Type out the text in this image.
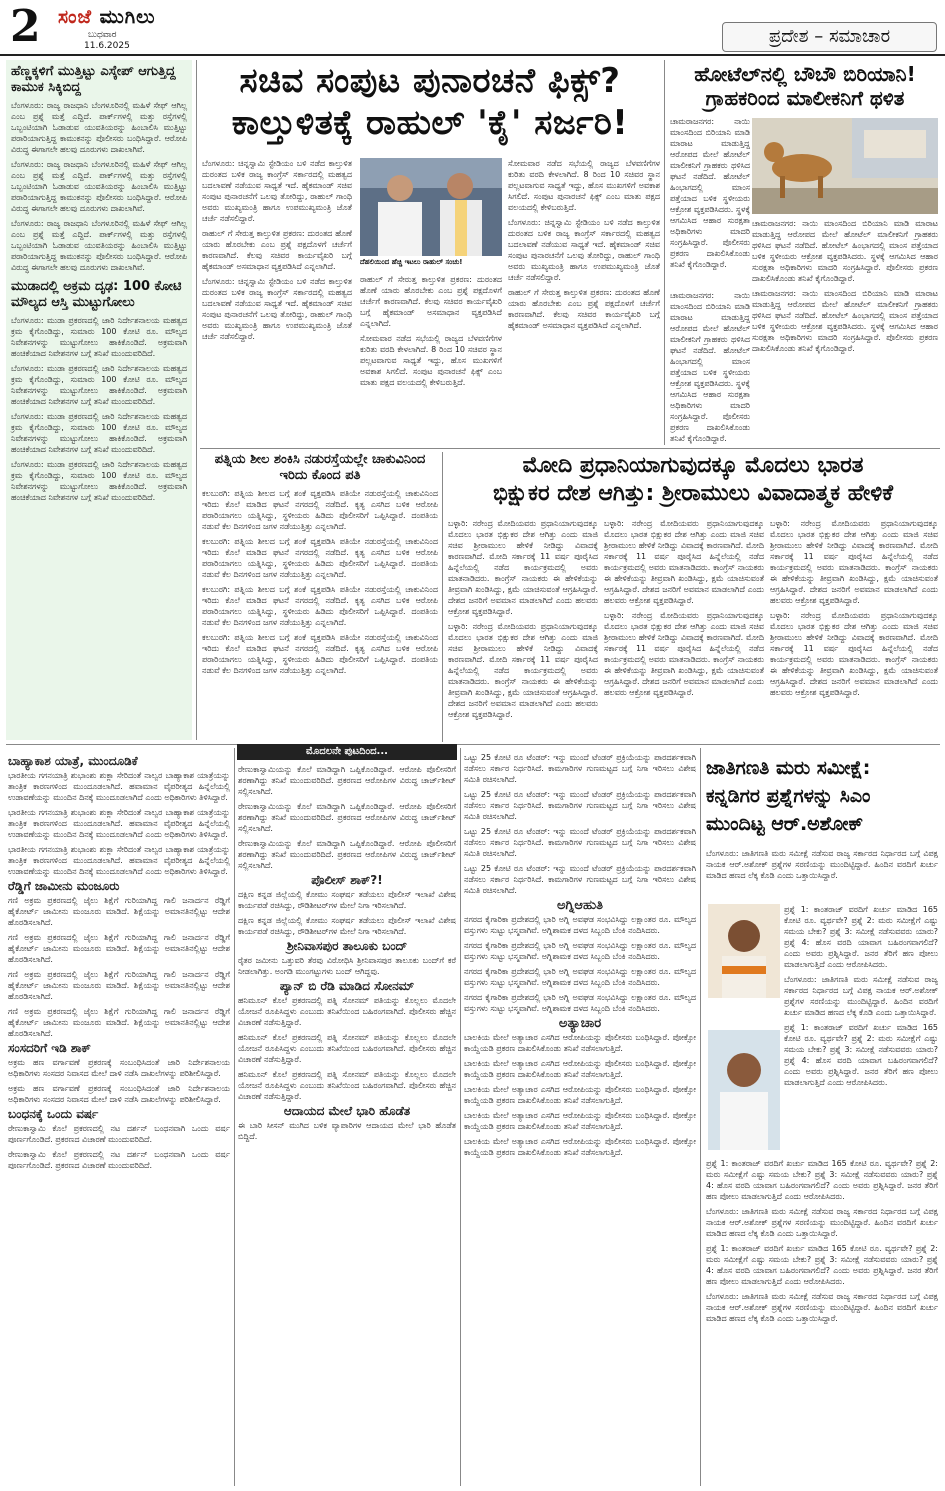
2 ಸಂಜೆ ಮುಗಿಲು
ಬುಧವಾರ
11.6.2025	ಪ್ರದೇಶ – ಸಮಾಚಾರ
ಹೆಣ್ಣಕ್ಕಳಿಗೆ ಮುತ್ತಿಟ್ಟು ಎಸ್ಕೇಪ್ ಆಗುತ್ತಿದ್ದ ಕಾಮುಕ ಸಿಕ್ಕಿಬಿದ್ದ

ಬೆಂಗಳೂರು: ರಾಜ್ಯ ರಾಜಧಾನಿ ಬೆಂಗಳೂರಿನಲ್ಲಿ ಮಹಿಳೆ ಸೇಫ್ ಆಗಿಲ್ಲ ಎಂಬ ಪ್ರಶ್ನೆ ಮತ್ತೆ ಎದ್ದಿದೆ. ಪಾರ್ಕ್‌ಗಳಲ್ಲಿ ಮತ್ತು ರಸ್ತೆಗಳಲ್ಲಿ ಒಬ್ಬಂಟಿಯಾಗಿ ಓಡಾಡುವ ಯುವತಿಯರನ್ನು ಹಿಂಬಾಲಿಸಿ ಮುತ್ತಿಟ್ಟು ಪರಾರಿಯಾಗುತ್ತಿದ್ದ ಕಾಮುಕನನ್ನು ಪೊಲೀಸರು ಬಂಧಿಸಿದ್ದಾರೆ. ಆರೋಪಿ ವಿರುದ್ಧ ಈಗಾಗಲೇ ಹಲವು ದೂರುಗಳು ದಾಖಲಾಗಿವೆ.

ಬೆಂಗಳೂರು: ರಾಜ್ಯ ರಾಜಧಾನಿ ಬೆಂಗಳೂರಿನಲ್ಲಿ ಮಹಿಳೆ ಸೇಫ್ ಆಗಿಲ್ಲ ಎಂಬ ಪ್ರಶ್ನೆ ಮತ್ತೆ ಎದ್ದಿದೆ. ಪಾರ್ಕ್‌ಗಳಲ್ಲಿ ಮತ್ತು ರಸ್ತೆಗಳಲ್ಲಿ ಒಬ್ಬಂಟಿಯಾಗಿ ಓಡಾಡುವ ಯುವತಿಯರನ್ನು ಹಿಂಬಾಲಿಸಿ ಮುತ್ತಿಟ್ಟು ಪರಾರಿಯಾಗುತ್ತಿದ್ದ ಕಾಮುಕನನ್ನು ಪೊಲೀಸರು ಬಂಧಿಸಿದ್ದಾರೆ. ಆರೋಪಿ ವಿರುದ್ಧ ಈಗಾಗಲೇ ಹಲವು ದೂರುಗಳು ದಾಖಲಾಗಿವೆ.

ಬೆಂಗಳೂರು: ರಾಜ್ಯ ರಾಜಧಾನಿ ಬೆಂಗಳೂರಿನಲ್ಲಿ ಮಹಿಳೆ ಸೇಫ್ ಆಗಿಲ್ಲ ಎಂಬ ಪ್ರಶ್ನೆ ಮತ್ತೆ ಎದ್ದಿದೆ. ಪಾರ್ಕ್‌ಗಳಲ್ಲಿ ಮತ್ತು ರಸ್ತೆಗಳಲ್ಲಿ ಒಬ್ಬಂಟಿಯಾಗಿ ಓಡಾಡುವ ಯುವತಿಯರನ್ನು ಹಿಂಬಾಲಿಸಿ ಮುತ್ತಿಟ್ಟು ಪರಾರಿಯಾಗುತ್ತಿದ್ದ ಕಾಮುಕನನ್ನು ಪೊಲೀಸರು ಬಂಧಿಸಿದ್ದಾರೆ. ಆರೋಪಿ ವಿರುದ್ಧ ಈಗಾಗಲೇ ಹಲವು ದೂರುಗಳು ದಾಖಲಾಗಿವೆ.

ಮುಡಾದಲ್ಲಿ ಅಕ್ರಮ ದೃಢ: 100 ಕೋಟಿ ಮೌಲ್ಯದ ಆಸ್ತಿ ಮುಟ್ಟುಗೋಲು

ಬೆಂಗಳೂರು: ಮುಡಾ ಪ್ರಕರಣದಲ್ಲಿ ಜಾರಿ ನಿರ್ದೇಶನಾಲಯ ಮಹತ್ವದ ಕ್ರಮ ಕೈಗೊಂಡಿದ್ದು, ಸುಮಾರು 100 ಕೋಟಿ ರೂ. ಮೌಲ್ಯದ ನಿವೇಶನಗಳನ್ನು ಮುಟ್ಟುಗೋಲು ಹಾಕಿಕೊಂಡಿದೆ. ಅಕ್ರಮವಾಗಿ ಹಂಚಿಕೆಯಾದ ನಿವೇಶನಗಳ ಬಗ್ಗೆ ತನಿಖೆ ಮುಂದುವರಿದಿದೆ.

ಬೆಂಗಳೂರು: ಮುಡಾ ಪ್ರಕರಣದಲ್ಲಿ ಜಾರಿ ನಿರ್ದೇಶನಾಲಯ ಮಹತ್ವದ ಕ್ರಮ ಕೈಗೊಂಡಿದ್ದು, ಸುಮಾರು 100 ಕೋಟಿ ರೂ. ಮೌಲ್ಯದ ನಿವೇಶನಗಳನ್ನು ಮುಟ್ಟುಗೋಲು ಹಾಕಿಕೊಂಡಿದೆ. ಅಕ್ರಮವಾಗಿ ಹಂಚಿಕೆಯಾದ ನಿವೇಶನಗಳ ಬಗ್ಗೆ ತನಿಖೆ ಮುಂದುವರಿದಿದೆ.

ಬೆಂಗಳೂರು: ಮುಡಾ ಪ್ರಕರಣದಲ್ಲಿ ಜಾರಿ ನಿರ್ದೇಶನಾಲಯ ಮಹತ್ವದ ಕ್ರಮ ಕೈಗೊಂಡಿದ್ದು, ಸುಮಾರು 100 ಕೋಟಿ ರೂ. ಮೌಲ್ಯದ ನಿವೇಶನಗಳನ್ನು ಮುಟ್ಟುಗೋಲು ಹಾಕಿಕೊಂಡಿದೆ. ಅಕ್ರಮವಾಗಿ ಹಂಚಿಕೆಯಾದ ನಿವೇಶನಗಳ ಬಗ್ಗೆ ತನಿಖೆ ಮುಂದುವರಿದಿದೆ.

ಬೆಂಗಳೂರು: ಮುಡಾ ಪ್ರಕರಣದಲ್ಲಿ ಜಾರಿ ನಿರ್ದೇಶನಾಲಯ ಮಹತ್ವದ ಕ್ರಮ ಕೈಗೊಂಡಿದ್ದು, ಸುಮಾರು 100 ಕೋಟಿ ರೂ. ಮೌಲ್ಯದ ನಿವೇಶನಗಳನ್ನು ಮುಟ್ಟುಗೋಲು ಹಾಕಿಕೊಂಡಿದೆ. ಅಕ್ರಮವಾಗಿ ಹಂಚಿಕೆಯಾದ ನಿವೇಶನಗಳ ಬಗ್ಗೆ ತನಿಖೆ ಮುಂದುವರಿದಿದೆ.

ಸಚಿವ ಸಂಪುಟ ಪುನಾರಚನೆ ಫಿಕ್ಸ್?
ಕಾಲ್ತುಳಿತಕ್ಕೆ ರಾಹುಲ್ 'ಕೈ' ಸರ್ಜರಿ!

ಬೆಂಗಳೂರು: ಚಿನ್ನಸ್ವಾಮಿ ಸ್ಟೇಡಿಯಂ ಬಳಿ ನಡೆದ ಕಾಲ್ತುಳಿತ ದುರಂತದ ಬಳಿಕ ರಾಜ್ಯ ಕಾಂಗ್ರೆಸ್ ಸರ್ಕಾರದಲ್ಲಿ ಮಹತ್ವದ ಬದಲಾವಣೆ ನಡೆಯುವ ಸಾಧ್ಯತೆ ಇದೆ. ಹೈಕಮಾಂಡ್ ಸಚಿವ ಸಂಪುಟ ಪುನಾರಚನೆಗೆ ಒಲವು ತೋರಿದ್ದು, ರಾಹುಲ್ ಗಾಂಧಿ ಅವರು ಮುಖ್ಯಮಂತ್ರಿ ಹಾಗೂ ಉಪಮುಖ್ಯಮಂತ್ರಿ ಜೊತೆ ಚರ್ಚೆ ನಡೆಸಲಿದ್ದಾರೆ.

ರಾಹುಲ್ ಗೆ ಸೇರುತ್ತ ಕಾಲ್ತುಳಿತ ಪ್ರಕರಣ: ದುರಂತದ ಹೊಣೆ ಯಾರು ಹೊರಬೇಕು ಎಂಬ ಪ್ರಶ್ನೆ ಪಕ್ಷದೊಳಗೆ ಚರ್ಚೆಗೆ ಕಾರಣವಾಗಿದೆ. ಕೆಲವು ಸಚಿವರ ಕಾರ್ಯವೈಖರಿ ಬಗ್ಗೆ ಹೈಕಮಾಂಡ್ ಅಸಮಾಧಾನ ವ್ಯಕ್ತಪಡಿಸಿದೆ ಎನ್ನಲಾಗಿದೆ.

ಬೆಂಗಳೂರು: ಚಿನ್ನಸ್ವಾಮಿ ಸ್ಟೇಡಿಯಂ ಬಳಿ ನಡೆದ ಕಾಲ್ತುಳಿತ ದುರಂತದ ಬಳಿಕ ರಾಜ್ಯ ಕಾಂಗ್ರೆಸ್ ಸರ್ಕಾರದಲ್ಲಿ ಮಹತ್ವದ ಬದಲಾವಣೆ ನಡೆಯುವ ಸಾಧ್ಯತೆ ಇದೆ. ಹೈಕಮಾಂಡ್ ಸಚಿವ ಸಂಪುಟ ಪುನಾರಚನೆಗೆ ಒಲವು ತೋರಿದ್ದು, ರಾಹುಲ್ ಗಾಂಧಿ ಅವರು ಮುಖ್ಯಮಂತ್ರಿ ಹಾಗೂ ಉಪಮುಖ್ಯಮಂತ್ರಿ ಜೊತೆ ಚರ್ಚೆ ನಡೆಸಲಿದ್ದಾರೆ.

ದೆಹಲಿಯಿಂದ ಹೆಚ್ಚಿ ಇಟಲು ರಾಹುಲ್ ಸಂಚು!

ರಾಹುಲ್ ಗೆ ಸೇರುತ್ತ ಕಾಲ್ತುಳಿತ ಪ್ರಕರಣ: ದುರಂತದ ಹೊಣೆ ಯಾರು ಹೊರಬೇಕು ಎಂಬ ಪ್ರಶ್ನೆ ಪಕ್ಷದೊಳಗೆ ಚರ್ಚೆಗೆ ಕಾರಣವಾಗಿದೆ. ಕೆಲವು ಸಚಿವರ ಕಾರ್ಯವೈಖರಿ ಬಗ್ಗೆ ಹೈಕಮಾಂಡ್ ಅಸಮಾಧಾನ ವ್ಯಕ್ತಪಡಿಸಿದೆ ಎನ್ನಲಾಗಿದೆ.

ಸೋಮವಾರ ನಡೆದ ಸಭೆಯಲ್ಲಿ ರಾಜ್ಯದ ಬೆಳವಣಿಗೆಗಳ ಕುರಿತು ವರದಿ ಕೇಳಲಾಗಿದೆ. 8 ರಿಂದ 10 ಸಚಿವರ ಸ್ಥಾನ ಪಲ್ಲಟವಾಗುವ ಸಾಧ್ಯತೆ ಇದ್ದು, ಹೊಸ ಮುಖಗಳಿಗೆ ಅವಕಾಶ ಸಿಗಲಿದೆ. ಸಂಪುಟ ಪುನಾರಚನೆ ಫಿಕ್ಸ್ ಎಂಬ ಮಾತು ಪಕ್ಷದ ವಲಯದಲ್ಲಿ ಕೇಳಿಬರುತ್ತಿದೆ.

ಸೋಮವಾರ ನಡೆದ ಸಭೆಯಲ್ಲಿ ರಾಜ್ಯದ ಬೆಳವಣಿಗೆಗಳ ಕುರಿತು ವರದಿ ಕೇಳಲಾಗಿದೆ. 8 ರಿಂದ 10 ಸಚಿವರ ಸ್ಥಾನ ಪಲ್ಲಟವಾಗುವ ಸಾಧ್ಯತೆ ಇದ್ದು, ಹೊಸ ಮುಖಗಳಿಗೆ ಅವಕಾಶ ಸಿಗಲಿದೆ. ಸಂಪುಟ ಪುನಾರಚನೆ ಫಿಕ್ಸ್ ಎಂಬ ಮಾತು ಪಕ್ಷದ ವಲಯದಲ್ಲಿ ಕೇಳಿಬರುತ್ತಿದೆ.

ಬೆಂಗಳೂರು: ಚಿನ್ನಸ್ವಾಮಿ ಸ್ಟೇಡಿಯಂ ಬಳಿ ನಡೆದ ಕಾಲ್ತುಳಿತ ದುರಂತದ ಬಳಿಕ ರಾಜ್ಯ ಕಾಂಗ್ರೆಸ್ ಸರ್ಕಾರದಲ್ಲಿ ಮಹತ್ವದ ಬದಲಾವಣೆ ನಡೆಯುವ ಸಾಧ್ಯತೆ ಇದೆ. ಹೈಕಮಾಂಡ್ ಸಚಿವ ಸಂಪುಟ ಪುನಾರಚನೆಗೆ ಒಲವು ತೋರಿದ್ದು, ರಾಹುಲ್ ಗಾಂಧಿ ಅವರು ಮುಖ್ಯಮಂತ್ರಿ ಹಾಗೂ ಉಪಮುಖ್ಯಮಂತ್ರಿ ಜೊತೆ ಚರ್ಚೆ ನಡೆಸಲಿದ್ದಾರೆ.

ರಾಹುಲ್ ಗೆ ಸೇರುತ್ತ ಕಾಲ್ತುಳಿತ ಪ್ರಕರಣ: ದುರಂತದ ಹೊಣೆ ಯಾರು ಹೊರಬೇಕು ಎಂಬ ಪ್ರಶ್ನೆ ಪಕ್ಷದೊಳಗೆ ಚರ್ಚೆಗೆ ಕಾರಣವಾಗಿದೆ. ಕೆಲವು ಸಚಿವರ ಕಾರ್ಯವೈಖರಿ ಬಗ್ಗೆ ಹೈಕಮಾಂಡ್ ಅಸಮಾಧಾನ ವ್ಯಕ್ತಪಡಿಸಿದೆ ಎನ್ನಲಾಗಿದೆ.

ಹೋಟೆಲ್‌ನಲ್ಲಿ ಬೌಬೌ ಬಿರಿಯಾನಿ!
ಗ್ರಾಹಕರಿಂದ ಮಾಲೀಕನಿಗೆ ಥಳಿತ

ಚಾಮರಾಜನಗರ: ನಾಯಿ ಮಾಂಸದಿಂದ ಬಿರಿಯಾನಿ ಮಾಡಿ ಮಾರಾಟ ಮಾಡುತ್ತಿದ್ದ ಆರೋಪದ ಮೇಲೆ ಹೋಟೆಲ್ ಮಾಲೀಕನಿಗೆ ಗ್ರಾಹಕರು ಥಳಿಸಿದ ಘಟನೆ ನಡೆದಿದೆ. ಹೋಟೆಲ್ ಹಿಂಭಾಗದಲ್ಲಿ ಮಾಂಸ ಪತ್ತೆಯಾದ ಬಳಿಕ ಸ್ಥಳೀಯರು ಆಕ್ರೋಶ ವ್ಯಕ್ತಪಡಿಸಿದರು. ಸ್ಥಳಕ್ಕೆ ಆಗಮಿಸಿದ ಆಹಾರ ಸುರಕ್ಷತಾ ಅಧಿಕಾರಿಗಳು ಮಾದರಿ ಸಂಗ್ರಹಿಸಿದ್ದಾರೆ. ಪೊಲೀಸರು ಪ್ರಕರಣ ದಾಖಲಿಸಿಕೊಂಡು ತನಿಖೆ ಕೈಗೊಂಡಿದ್ದಾರೆ.

ಚಾಮರಾಜನಗರ: ನಾಯಿ ಮಾಂಸದಿಂದ ಬಿರಿಯಾನಿ ಮಾಡಿ ಮಾರಾಟ ಮಾಡುತ್ತಿದ್ದ ಆರೋಪದ ಮೇಲೆ ಹೋಟೆಲ್ ಮಾಲೀಕನಿಗೆ ಗ್ರಾಹಕರು ಥಳಿಸಿದ ಘಟನೆ ನಡೆದಿದೆ. ಹೋಟೆಲ್ ಹಿಂಭಾಗದಲ್ಲಿ ಮಾಂಸ ಪತ್ತೆಯಾದ ಬಳಿಕ ಸ್ಥಳೀಯರು ಆಕ್ರೋಶ ವ್ಯಕ್ತಪಡಿಸಿದರು. ಸ್ಥಳಕ್ಕೆ ಆಗಮಿಸಿದ ಆಹಾರ ಸುರಕ್ಷತಾ ಅಧಿಕಾರಿಗಳು ಮಾದರಿ ಸಂಗ್ರಹಿಸಿದ್ದಾರೆ. ಪೊಲೀಸರು ಪ್ರಕರಣ ದಾಖಲಿಸಿಕೊಂಡು ತನಿಖೆ ಕೈಗೊಂಡಿದ್ದಾರೆ.

ಚಾಮರಾಜನಗರ: ನಾಯಿ ಮಾಂಸದಿಂದ ಬಿರಿಯಾನಿ ಮಾಡಿ ಮಾರಾಟ ಮಾಡುತ್ತಿದ್ದ ಆರೋಪದ ಮೇಲೆ ಹೋಟೆಲ್ ಮಾಲೀಕನಿಗೆ ಗ್ರಾಹಕರು ಥಳಿಸಿದ ಘಟನೆ ನಡೆದಿದೆ. ಹೋಟೆಲ್ ಹಿಂಭಾಗದಲ್ಲಿ ಮಾಂಸ ಪತ್ತೆಯಾದ ಬಳಿಕ ಸ್ಥಳೀಯರು ಆಕ್ರೋಶ ವ್ಯಕ್ತಪಡಿಸಿದರು. ಸ್ಥಳಕ್ಕೆ ಆಗಮಿಸಿದ ಆಹಾರ ಸುರಕ್ಷತಾ ಅಧಿಕಾರಿಗಳು ಮಾದರಿ ಸಂಗ್ರಹಿಸಿದ್ದಾರೆ. ಪೊಲೀಸರು ಪ್ರಕರಣ ದಾಖಲಿಸಿಕೊಂಡು ತನಿಖೆ ಕೈಗೊಂಡಿದ್ದಾರೆ.

ಚಾಮರಾಜನಗರ: ನಾಯಿ ಮಾಂಸದಿಂದ ಬಿರಿಯಾನಿ ಮಾಡಿ ಮಾರಾಟ ಮಾಡುತ್ತಿದ್ದ ಆರೋಪದ ಮೇಲೆ ಹೋಟೆಲ್ ಮಾಲೀಕನಿಗೆ ಗ್ರಾಹಕರು ಥಳಿಸಿದ ಘಟನೆ ನಡೆದಿದೆ. ಹೋಟೆಲ್ ಹಿಂಭಾಗದಲ್ಲಿ ಮಾಂಸ ಪತ್ತೆಯಾದ ಬಳಿಕ ಸ್ಥಳೀಯರು ಆಕ್ರೋಶ ವ್ಯಕ್ತಪಡಿಸಿದರು. ಸ್ಥಳಕ್ಕೆ ಆಗಮಿಸಿದ ಆಹಾರ ಸುರಕ್ಷತಾ ಅಧಿಕಾರಿಗಳು ಮಾದರಿ ಸಂಗ್ರಹಿಸಿದ್ದಾರೆ. ಪೊಲೀಸರು ಪ್ರಕರಣ ದಾಖಲಿಸಿಕೊಂಡು ತನಿಖೆ ಕೈಗೊಂಡಿದ್ದಾರೆ.

ಪತ್ನಿಯ ಶೀಲ ಶಂಕಿಸಿ ನಡುರಸ್ತೆಯಲ್ಲೇ ಚಾಕುವಿನಿಂದ ಇರಿದು ಕೊಂದ ಪತಿ

ಕಲಬುರಗಿ: ಪತ್ನಿಯ ಶೀಲದ ಬಗ್ಗೆ ಶಂಕೆ ವ್ಯಕ್ತಪಡಿಸಿ ಪತಿಯೇ ನಡುರಸ್ತೆಯಲ್ಲಿ ಚಾಕುವಿನಿಂದ ಇರಿದು ಕೊಲೆ ಮಾಡಿದ ಘಟನೆ ನಗರದಲ್ಲಿ ನಡೆದಿದೆ. ಕೃತ್ಯ ಎಸಗಿದ ಬಳಿಕ ಆರೋಪಿ ಪರಾರಿಯಾಗಲು ಯತ್ನಿಸಿದ್ದು, ಸ್ಥಳೀಯರು ಹಿಡಿದು ಪೊಲೀಸರಿಗೆ ಒಪ್ಪಿಸಿದ್ದಾರೆ. ದಂಪತಿಯ ನಡುವೆ ಕೆಲ ದಿನಗಳಿಂದ ಜಗಳ ನಡೆಯುತ್ತಿತ್ತು ಎನ್ನಲಾಗಿದೆ.

ಕಲಬುರಗಿ: ಪತ್ನಿಯ ಶೀಲದ ಬಗ್ಗೆ ಶಂಕೆ ವ್ಯಕ್ತಪಡಿಸಿ ಪತಿಯೇ ನಡುರಸ್ತೆಯಲ್ಲಿ ಚಾಕುವಿನಿಂದ ಇರಿದು ಕೊಲೆ ಮಾಡಿದ ಘಟನೆ ನಗರದಲ್ಲಿ ನಡೆದಿದೆ. ಕೃತ್ಯ ಎಸಗಿದ ಬಳಿಕ ಆರೋಪಿ ಪರಾರಿಯಾಗಲು ಯತ್ನಿಸಿದ್ದು, ಸ್ಥಳೀಯರು ಹಿಡಿದು ಪೊಲೀಸರಿಗೆ ಒಪ್ಪಿಸಿದ್ದಾರೆ. ದಂಪತಿಯ ನಡುವೆ ಕೆಲ ದಿನಗಳಿಂದ ಜಗಳ ನಡೆಯುತ್ತಿತ್ತು ಎನ್ನಲಾಗಿದೆ.

ಕಲಬುರಗಿ: ಪತ್ನಿಯ ಶೀಲದ ಬಗ್ಗೆ ಶಂಕೆ ವ್ಯಕ್ತಪಡಿಸಿ ಪತಿಯೇ ನಡುರಸ್ತೆಯಲ್ಲಿ ಚಾಕುವಿನಿಂದ ಇರಿದು ಕೊಲೆ ಮಾಡಿದ ಘಟನೆ ನಗರದಲ್ಲಿ ನಡೆದಿದೆ. ಕೃತ್ಯ ಎಸಗಿದ ಬಳಿಕ ಆರೋಪಿ ಪರಾರಿಯಾಗಲು ಯತ್ನಿಸಿದ್ದು, ಸ್ಥಳೀಯರು ಹಿಡಿದು ಪೊಲೀಸರಿಗೆ ಒಪ್ಪಿಸಿದ್ದಾರೆ. ದಂಪತಿಯ ನಡುವೆ ಕೆಲ ದಿನಗಳಿಂದ ಜಗಳ ನಡೆಯುತ್ತಿತ್ತು ಎನ್ನಲಾಗಿದೆ.

ಕಲಬುರಗಿ: ಪತ್ನಿಯ ಶೀಲದ ಬಗ್ಗೆ ಶಂಕೆ ವ್ಯಕ್ತಪಡಿಸಿ ಪತಿಯೇ ನಡುರಸ್ತೆಯಲ್ಲಿ ಚಾಕುವಿನಿಂದ ಇರಿದು ಕೊಲೆ ಮಾಡಿದ ಘಟನೆ ನಗರದಲ್ಲಿ ನಡೆದಿದೆ. ಕೃತ್ಯ ಎಸಗಿದ ಬಳಿಕ ಆರೋಪಿ ಪರಾರಿಯಾಗಲು ಯತ್ನಿಸಿದ್ದು, ಸ್ಥಳೀಯರು ಹಿಡಿದು ಪೊಲೀಸರಿಗೆ ಒಪ್ಪಿಸಿದ್ದಾರೆ. ದಂಪತಿಯ ನಡುವೆ ಕೆಲ ದಿನಗಳಿಂದ ಜಗಳ ನಡೆಯುತ್ತಿತ್ತು ಎನ್ನಲಾಗಿದೆ.

ಮೋದಿ ಪ್ರಧಾನಿಯಾಗುವುದಕ್ಕೂ ಮೊದಲು ಭಾರತ
ಭಿಕ್ಷುಕರ ದೇಶ ಆಗಿತ್ತು: ಶ್ರೀರಾಮುಲು ವಿವಾದಾತ್ಮಕ ಹೇಳಿಕೆ

ಬಳ್ಳಾರಿ: ನರೇಂದ್ರ ಮೋದಿಯವರು ಪ್ರಧಾನಿಯಾಗುವುದಕ್ಕೂ ಮೊದಲು ಭಾರತ ಭಿಕ್ಷುಕರ ದೇಶ ಆಗಿತ್ತು ಎಂದು ಮಾಜಿ ಸಚಿವ ಶ್ರೀರಾಮುಲು ಹೇಳಿಕೆ ನೀಡಿದ್ದು ವಿವಾದಕ್ಕೆ ಕಾರಣವಾಗಿದೆ. ಮೋದಿ ಸರ್ಕಾರಕ್ಕೆ 11 ವರ್ಷ ಪೂರೈಸಿದ ಹಿನ್ನೆಲೆಯಲ್ಲಿ ನಡೆದ ಕಾರ್ಯಕ್ರಮದಲ್ಲಿ ಅವರು ಮಾತನಾಡಿದರು. ಕಾಂಗ್ರೆಸ್ ನಾಯಕರು ಈ ಹೇಳಿಕೆಯನ್ನು ತೀವ್ರವಾಗಿ ಖಂಡಿಸಿದ್ದು, ಕ್ಷಮೆ ಯಾಚಿಸುವಂತೆ ಆಗ್ರಹಿಸಿದ್ದಾರೆ. ದೇಶದ ಜನರಿಗೆ ಅವಮಾನ ಮಾಡಲಾಗಿದೆ ಎಂದು ಹಲವರು ಆಕ್ರೋಶ ವ್ಯಕ್ತಪಡಿಸಿದ್ದಾರೆ.

ಬಳ್ಳಾರಿ: ನರೇಂದ್ರ ಮೋದಿಯವರು ಪ್ರಧಾನಿಯಾಗುವುದಕ್ಕೂ ಮೊದಲು ಭಾರತ ಭಿಕ್ಷುಕರ ದೇಶ ಆಗಿತ್ತು ಎಂದು ಮಾಜಿ ಸಚಿವ ಶ್ರೀರಾಮುಲು ಹೇಳಿಕೆ ನೀಡಿದ್ದು ವಿವಾದಕ್ಕೆ ಕಾರಣವಾಗಿದೆ. ಮೋದಿ ಸರ್ಕಾರಕ್ಕೆ 11 ವರ್ಷ ಪೂರೈಸಿದ ಹಿನ್ನೆಲೆಯಲ್ಲಿ ನಡೆದ ಕಾರ್ಯಕ್ರಮದಲ್ಲಿ ಅವರು ಮಾತನಾಡಿದರು. ಕಾಂಗ್ರೆಸ್ ನಾಯಕರು ಈ ಹೇಳಿಕೆಯನ್ನು ತೀವ್ರವಾಗಿ ಖಂಡಿಸಿದ್ದು, ಕ್ಷಮೆ ಯಾಚಿಸುವಂತೆ ಆಗ್ರಹಿಸಿದ್ದಾರೆ. ದೇಶದ ಜನರಿಗೆ ಅವಮಾನ ಮಾಡಲಾಗಿದೆ ಎಂದು ಹಲವರು ಆಕ್ರೋಶ ವ್ಯಕ್ತಪಡಿಸಿದ್ದಾರೆ.

ಬಳ್ಳಾರಿ: ನರೇಂದ್ರ ಮೋದಿಯವರು ಪ್ರಧಾನಿಯಾಗುವುದಕ್ಕೂ ಮೊದಲು ಭಾರತ ಭಿಕ್ಷುಕರ ದೇಶ ಆಗಿತ್ತು ಎಂದು ಮಾಜಿ ಸಚಿವ ಶ್ರೀರಾಮುಲು ಹೇಳಿಕೆ ನೀಡಿದ್ದು ವಿವಾದಕ್ಕೆ ಕಾರಣವಾಗಿದೆ. ಮೋದಿ ಸರ್ಕಾರಕ್ಕೆ 11 ವರ್ಷ ಪೂರೈಸಿದ ಹಿನ್ನೆಲೆಯಲ್ಲಿ ನಡೆದ ಕಾರ್ಯಕ್ರಮದಲ್ಲಿ ಅವರು ಮಾತನಾಡಿದರು. ಕಾಂಗ್ರೆಸ್ ನಾಯಕರು ಈ ಹೇಳಿಕೆಯನ್ನು ತೀವ್ರವಾಗಿ ಖಂಡಿಸಿದ್ದು, ಕ್ಷಮೆ ಯಾಚಿಸುವಂತೆ ಆಗ್ರಹಿಸಿದ್ದಾರೆ. ದೇಶದ ಜನರಿಗೆ ಅವಮಾನ ಮಾಡಲಾಗಿದೆ ಎಂದು ಹಲವರು ಆಕ್ರೋಶ ವ್ಯಕ್ತಪಡಿಸಿದ್ದಾರೆ.

ಬಳ್ಳಾರಿ: ನರೇಂದ್ರ ಮೋದಿಯವರು ಪ್ರಧಾನಿಯಾಗುವುದಕ್ಕೂ ಮೊದಲು ಭಾರತ ಭಿಕ್ಷುಕರ ದೇಶ ಆಗಿತ್ತು ಎಂದು ಮಾಜಿ ಸಚಿವ ಶ್ರೀರಾಮುಲು ಹೇಳಿಕೆ ನೀಡಿದ್ದು ವಿವಾದಕ್ಕೆ ಕಾರಣವಾಗಿದೆ. ಮೋದಿ ಸರ್ಕಾರಕ್ಕೆ 11 ವರ್ಷ ಪೂರೈಸಿದ ಹಿನ್ನೆಲೆಯಲ್ಲಿ ನಡೆದ ಕಾರ್ಯಕ್ರಮದಲ್ಲಿ ಅವರು ಮಾತನಾಡಿದರು. ಕಾಂಗ್ರೆಸ್ ನಾಯಕರು ಈ ಹೇಳಿಕೆಯನ್ನು ತೀವ್ರವಾಗಿ ಖಂಡಿಸಿದ್ದು, ಕ್ಷಮೆ ಯಾಚಿಸುವಂತೆ ಆಗ್ರಹಿಸಿದ್ದಾರೆ. ದೇಶದ ಜನರಿಗೆ ಅವಮಾನ ಮಾಡಲಾಗಿದೆ ಎಂದು ಹಲವರು ಆಕ್ರೋಶ ವ್ಯಕ್ತಪಡಿಸಿದ್ದಾರೆ.

ಬಳ್ಳಾರಿ: ನರೇಂದ್ರ ಮೋದಿಯವರು ಪ್ರಧಾನಿಯಾಗುವುದಕ್ಕೂ ಮೊದಲು ಭಾರತ ಭಿಕ್ಷುಕರ ದೇಶ ಆಗಿತ್ತು ಎಂದು ಮಾಜಿ ಸಚಿವ ಶ್ರೀರಾಮುಲು ಹೇಳಿಕೆ ನೀಡಿದ್ದು ವಿವಾದಕ್ಕೆ ಕಾರಣವಾಗಿದೆ. ಮೋದಿ ಸರ್ಕಾರಕ್ಕೆ 11 ವರ್ಷ ಪೂರೈಸಿದ ಹಿನ್ನೆಲೆಯಲ್ಲಿ ನಡೆದ ಕಾರ್ಯಕ್ರಮದಲ್ಲಿ ಅವರು ಮಾತನಾಡಿದರು. ಕಾಂಗ್ರೆಸ್ ನಾಯಕರು ಈ ಹೇಳಿಕೆಯನ್ನು ತೀವ್ರವಾಗಿ ಖಂಡಿಸಿದ್ದು, ಕ್ಷಮೆ ಯಾಚಿಸುವಂತೆ ಆಗ್ರಹಿಸಿದ್ದಾರೆ. ದೇಶದ ಜನರಿಗೆ ಅವಮಾನ ಮಾಡಲಾಗಿದೆ ಎಂದು ಹಲವರು ಆಕ್ರೋಶ ವ್ಯಕ್ತಪಡಿಸಿದ್ದಾರೆ.

ಬಳ್ಳಾರಿ: ನರೇಂದ್ರ ಮೋದಿಯವರು ಪ್ರಧಾನಿಯಾಗುವುದಕ್ಕೂ ಮೊದಲು ಭಾರತ ಭಿಕ್ಷುಕರ ದೇಶ ಆಗಿತ್ತು ಎಂದು ಮಾಜಿ ಸಚಿವ ಶ್ರೀರಾಮುಲು ಹೇಳಿಕೆ ನೀಡಿದ್ದು ವಿವಾದಕ್ಕೆ ಕಾರಣವಾಗಿದೆ. ಮೋದಿ ಸರ್ಕಾರಕ್ಕೆ 11 ವರ್ಷ ಪೂರೈಸಿದ ಹಿನ್ನೆಲೆಯಲ್ಲಿ ನಡೆದ ಕಾರ್ಯಕ್ರಮದಲ್ಲಿ ಅವರು ಮಾತನಾಡಿದರು. ಕಾಂಗ್ರೆಸ್ ನಾಯಕರು ಈ ಹೇಳಿಕೆಯನ್ನು ತೀವ್ರವಾಗಿ ಖಂಡಿಸಿದ್ದು, ಕ್ಷಮೆ ಯಾಚಿಸುವಂತೆ ಆಗ್ರಹಿಸಿದ್ದಾರೆ. ದೇಶದ ಜನರಿಗೆ ಅವಮಾನ ಮಾಡಲಾಗಿದೆ ಎಂದು ಹಲವರು ಆಕ್ರೋಶ ವ್ಯಕ್ತಪಡಿಸಿದ್ದಾರೆ.

ಬಾಹ್ಯಾಕಾಶ ಯಾತ್ರೆ, ಮುಂದೂಡಿಕೆ

ಭಾರತೀಯ ಗಗನಯಾತ್ರಿ ಶುಭಾಂಶು ಶುಕ್ಲಾ ಸೇರಿದಂತೆ ನಾಲ್ವರ ಬಾಹ್ಯಾಕಾಶ ಯಾತ್ರೆಯನ್ನು ತಾಂತ್ರಿಕ ಕಾರಣಗಳಿಂದ ಮುಂದೂಡಲಾಗಿದೆ. ಹವಾಮಾನ ವೈಪರೀತ್ಯದ ಹಿನ್ನೆಲೆಯಲ್ಲಿ ಉಡಾವಣೆಯನ್ನು ಮುಂದಿನ ದಿನಕ್ಕೆ ಮುಂದೂಡಲಾಗಿದೆ ಎಂದು ಅಧಿಕಾರಿಗಳು ತಿಳಿಸಿದ್ದಾರೆ.

ಭಾರತೀಯ ಗಗನಯಾತ್ರಿ ಶುಭಾಂಶು ಶುಕ್ಲಾ ಸೇರಿದಂತೆ ನಾಲ್ವರ ಬಾಹ್ಯಾಕಾಶ ಯಾತ್ರೆಯನ್ನು ತಾಂತ್ರಿಕ ಕಾರಣಗಳಿಂದ ಮುಂದೂಡಲಾಗಿದೆ. ಹವಾಮಾನ ವೈಪರೀತ್ಯದ ಹಿನ್ನೆಲೆಯಲ್ಲಿ ಉಡಾವಣೆಯನ್ನು ಮುಂದಿನ ದಿನಕ್ಕೆ ಮುಂದೂಡಲಾಗಿದೆ ಎಂದು ಅಧಿಕಾರಿಗಳು ತಿಳಿಸಿದ್ದಾರೆ.

ಭಾರತೀಯ ಗಗನಯಾತ್ರಿ ಶುಭಾಂಶು ಶುಕ್ಲಾ ಸೇರಿದಂತೆ ನಾಲ್ವರ ಬಾಹ್ಯಾಕಾಶ ಯಾತ್ರೆಯನ್ನು ತಾಂತ್ರಿಕ ಕಾರಣಗಳಿಂದ ಮುಂದೂಡಲಾಗಿದೆ. ಹವಾಮಾನ ವೈಪರೀತ್ಯದ ಹಿನ್ನೆಲೆಯಲ್ಲಿ ಉಡಾವಣೆಯನ್ನು ಮುಂದಿನ ದಿನಕ್ಕೆ ಮುಂದೂಡಲಾಗಿದೆ ಎಂದು ಅಧಿಕಾರಿಗಳು ತಿಳಿಸಿದ್ದಾರೆ.

ರೆಡ್ಡಿಗೆ ಜಾಮೀನು ಮಂಜೂರು

ಗಣಿ ಅಕ್ರಮ ಪ್ರಕರಣದಲ್ಲಿ ಜೈಲು ಶಿಕ್ಷೆಗೆ ಗುರಿಯಾಗಿದ್ದ ಗಾಲಿ ಜನಾರ್ದನ ರೆಡ್ಡಿಗೆ ಹೈಕೋರ್ಟ್ ಜಾಮೀನು ಮಂಜೂರು ಮಾಡಿದೆ. ಶಿಕ್ಷೆಯನ್ನು ಅಮಾನತಿನಲ್ಲಿಟ್ಟು ಆದೇಶ ಹೊರಡಿಸಲಾಗಿದೆ.

ಗಣಿ ಅಕ್ರಮ ಪ್ರಕರಣದಲ್ಲಿ ಜೈಲು ಶಿಕ್ಷೆಗೆ ಗುರಿಯಾಗಿದ್ದ ಗಾಲಿ ಜನಾರ್ದನ ರೆಡ್ಡಿಗೆ ಹೈಕೋರ್ಟ್ ಜಾಮೀನು ಮಂಜೂರು ಮಾಡಿದೆ. ಶಿಕ್ಷೆಯನ್ನು ಅಮಾನತಿನಲ್ಲಿಟ್ಟು ಆದೇಶ ಹೊರಡಿಸಲಾಗಿದೆ.

ಗಣಿ ಅಕ್ರಮ ಪ್ರಕರಣದಲ್ಲಿ ಜೈಲು ಶಿಕ್ಷೆಗೆ ಗುರಿಯಾಗಿದ್ದ ಗಾಲಿ ಜನಾರ್ದನ ರೆಡ್ಡಿಗೆ ಹೈಕೋರ್ಟ್ ಜಾಮೀನು ಮಂಜೂರು ಮಾಡಿದೆ. ಶಿಕ್ಷೆಯನ್ನು ಅಮಾನತಿನಲ್ಲಿಟ್ಟು ಆದೇಶ ಹೊರಡಿಸಲಾಗಿದೆ.

ಗಣಿ ಅಕ್ರಮ ಪ್ರಕರಣದಲ್ಲಿ ಜೈಲು ಶಿಕ್ಷೆಗೆ ಗುರಿಯಾಗಿದ್ದ ಗಾಲಿ ಜನಾರ್ದನ ರೆಡ್ಡಿಗೆ ಹೈಕೋರ್ಟ್ ಜಾಮೀನು ಮಂಜೂರು ಮಾಡಿದೆ. ಶಿಕ್ಷೆಯನ್ನು ಅಮಾನತಿನಲ್ಲಿಟ್ಟು ಆದೇಶ ಹೊರಡಿಸಲಾಗಿದೆ.

ಸಂಸದರಿಗೆ ಇಡಿ ಶಾಕ್

ಅಕ್ರಮ ಹಣ ವರ್ಗಾವಣೆ ಪ್ರಕರಣಕ್ಕೆ ಸಂಬಂಧಿಸಿದಂತೆ ಜಾರಿ ನಿರ್ದೇಶನಾಲಯ ಅಧಿಕಾರಿಗಳು ಸಂಸದರ ನಿವಾಸದ ಮೇಲೆ ದಾಳಿ ನಡೆಸಿ ದಾಖಲೆಗಳನ್ನು ಪರಿಶೀಲಿಸಿದ್ದಾರೆ.

ಅಕ್ರಮ ಹಣ ವರ್ಗಾವಣೆ ಪ್ರಕರಣಕ್ಕೆ ಸಂಬಂಧಿಸಿದಂತೆ ಜಾರಿ ನಿರ್ದೇಶನಾಲಯ ಅಧಿಕಾರಿಗಳು ಸಂಸದರ ನಿವಾಸದ ಮೇಲೆ ದಾಳಿ ನಡೆಸಿ ದಾಖಲೆಗಳನ್ನು ಪರಿಶೀಲಿಸಿದ್ದಾರೆ.

ಬಂಧನಕ್ಕೆ ಒಂದು ವರ್ಷ

ರೇಣುಕಾಸ್ವಾಮಿ ಕೊಲೆ ಪ್ರಕರಣದಲ್ಲಿ ನಟ ದರ್ಶನ್ ಬಂಧನವಾಗಿ ಒಂದು ವರ್ಷ ಪೂರ್ಣಗೊಂಡಿದೆ. ಪ್ರಕರಣದ ವಿಚಾರಣೆ ಮುಂದುವರಿದಿದೆ.

ರೇಣುಕಾಸ್ವಾಮಿ ಕೊಲೆ ಪ್ರಕರಣದಲ್ಲಿ ನಟ ದರ್ಶನ್ ಬಂಧನವಾಗಿ ಒಂದು ವರ್ಷ ಪೂರ್ಣಗೊಂಡಿದೆ. ಪ್ರಕರಣದ ವಿಚಾರಣೆ ಮುಂದುವರಿದಿದೆ.

ಮೊದಲನೇ ಪುಟದಿಂದ...

ರೇಣುಕಾಸ್ವಾಮಿಯನ್ನು ಕೊಲೆ ಮಾಡಿದ್ದಾಗಿ ಒಪ್ಪಿಕೊಂಡಿದ್ದಾರೆ. ಆರೋಪಿ ಪೊಲೀಸರಿಗೆ ಶರಣಾಗಿದ್ದು ತನಿಖೆ ಮುಂದುವರಿದಿದೆ. ಪ್ರಕರಣದ ಆರೋಪಿಗಳ ವಿರುದ್ಧ ಚಾರ್ಜ್‌ಶೀಟ್ ಸಲ್ಲಿಸಲಾಗಿದೆ.

ರೇಣುಕಾಸ್ವಾಮಿಯನ್ನು ಕೊಲೆ ಮಾಡಿದ್ದಾಗಿ ಒಪ್ಪಿಕೊಂಡಿದ್ದಾರೆ. ಆರೋಪಿ ಪೊಲೀಸರಿಗೆ ಶರಣಾಗಿದ್ದು ತನಿಖೆ ಮುಂದುವರಿದಿದೆ. ಪ್ರಕರಣದ ಆರೋಪಿಗಳ ವಿರುದ್ಧ ಚಾರ್ಜ್‌ಶೀಟ್ ಸಲ್ಲಿಸಲಾಗಿದೆ.

ರೇಣುಕಾಸ್ವಾಮಿಯನ್ನು ಕೊಲೆ ಮಾಡಿದ್ದಾಗಿ ಒಪ್ಪಿಕೊಂಡಿದ್ದಾರೆ. ಆರೋಪಿ ಪೊಲೀಸರಿಗೆ ಶರಣಾಗಿದ್ದು ತನಿಖೆ ಮುಂದುವರಿದಿದೆ. ಪ್ರಕರಣದ ಆರೋಪಿಗಳ ವಿರುದ್ಧ ಚಾರ್ಜ್‌ಶೀಟ್ ಸಲ್ಲಿಸಲಾಗಿದೆ.

ಪೊಲೀಸ್ ಶಾಕ್?!

ದಕ್ಷಿಣ ಕನ್ನಡ ಜಿಲ್ಲೆಯಲ್ಲಿ ಕೋಮು ಸಂಘರ್ಷ ತಡೆಯಲು ಪೊಲೀಸ್ ಇಲಾಖೆ ವಿಶೇಷ ಕಾರ್ಯಪಡೆ ರಚಿಸಿದ್ದು, ರೌಡಿಶೀಟರ್‌ಗಳ ಮೇಲೆ ನಿಗಾ ಇರಿಸಲಾಗಿದೆ.

ದಕ್ಷಿಣ ಕನ್ನಡ ಜಿಲ್ಲೆಯಲ್ಲಿ ಕೋಮು ಸಂಘರ್ಷ ತಡೆಯಲು ಪೊಲೀಸ್ ಇಲಾಖೆ ವಿಶೇಷ ಕಾರ್ಯಪಡೆ ರಚಿಸಿದ್ದು, ರೌಡಿಶೀಟರ್‌ಗಳ ಮೇಲೆ ನಿಗಾ ಇರಿಸಲಾಗಿದೆ.

ಶ್ರೀನಿವಾಸಪುರ ತಾಲೂಕು ಬಂದ್

ರೈತರ ಜಮೀನು ಒತ್ತುವರಿ ತೆರವು ವಿರೋಧಿಸಿ ಶ್ರೀನಿವಾಸಪುರ ತಾಲೂಕು ಬಂದ್‌ಗೆ ಕರೆ ನೀಡಲಾಗಿತ್ತು. ಅಂಗಡಿ ಮುಂಗಟ್ಟುಗಳು ಬಂದ್ ಆಗಿದ್ದವು.

ಪ್ಯಾನ್ ಬಿ ರೆಡಿ ಮಾಡಿದ ಸೋನಮ್

ಹನಿಮೂನ್ ಕೊಲೆ ಪ್ರಕರಣದಲ್ಲಿ ಪತ್ನಿ ಸೋನಮ್ ಪತಿಯನ್ನು ಕೊಲ್ಲಲು ಮೊದಲೇ ಯೋಜನೆ ರೂಪಿಸಿದ್ದಳು ಎಂಬುದು ತನಿಖೆಯಿಂದ ಬಹಿರಂಗವಾಗಿದೆ. ಪೊಲೀಸರು ಹೆಚ್ಚಿನ ವಿಚಾರಣೆ ನಡೆಸುತ್ತಿದ್ದಾರೆ.

ಹನಿಮೂನ್ ಕೊಲೆ ಪ್ರಕರಣದಲ್ಲಿ ಪತ್ನಿ ಸೋನಮ್ ಪತಿಯನ್ನು ಕೊಲ್ಲಲು ಮೊದಲೇ ಯೋಜನೆ ರೂಪಿಸಿದ್ದಳು ಎಂಬುದು ತನಿಖೆಯಿಂದ ಬಹಿರಂಗವಾಗಿದೆ. ಪೊಲೀಸರು ಹೆಚ್ಚಿನ ವಿಚಾರಣೆ ನಡೆಸುತ್ತಿದ್ದಾರೆ.

ಹನಿಮೂನ್ ಕೊಲೆ ಪ್ರಕರಣದಲ್ಲಿ ಪತ್ನಿ ಸೋನಮ್ ಪತಿಯನ್ನು ಕೊಲ್ಲಲು ಮೊದಲೇ ಯೋಜನೆ ರೂಪಿಸಿದ್ದಳು ಎಂಬುದು ತನಿಖೆಯಿಂದ ಬಹಿರಂಗವಾಗಿದೆ. ಪೊಲೀಸರು ಹೆಚ್ಚಿನ ವಿಚಾರಣೆ ನಡೆಸುತ್ತಿದ್ದಾರೆ.

ಆದಾಯದ ಮೇಲೆ ಭಾರಿ ಹೊಡೆತ

ಈ ಬಾರಿ ಸೀಸನ್ ಮುಗಿದ ಬಳಿಕ ವ್ಯಾಪಾರಿಗಳ ಆದಾಯದ ಮೇಲೆ ಭಾರಿ ಹೊಡೆತ ಬಿದ್ದಿದೆ.

ಒಟ್ಟು 25 ಕೋಟಿ ರೂ ಟೆಂಡರ್: ಇನ್ನು ಮುಂದೆ ಟೆಂಡರ್ ಪ್ರಕ್ರಿಯೆಯನ್ನು ಪಾರದರ್ಶಕವಾಗಿ ನಡೆಸಲು ಸರ್ಕಾರ ನಿರ್ಧರಿಸಿದೆ. ಕಾಮಗಾರಿಗಳ ಗುಣಮಟ್ಟದ ಬಗ್ಗೆ ನಿಗಾ ಇರಿಸಲು ವಿಶೇಷ ಸಮಿತಿ ರಚಿಸಲಾಗಿದೆ.

ಒಟ್ಟು 25 ಕೋಟಿ ರೂ ಟೆಂಡರ್: ಇನ್ನು ಮುಂದೆ ಟೆಂಡರ್ ಪ್ರಕ್ರಿಯೆಯನ್ನು ಪಾರದರ್ಶಕವಾಗಿ ನಡೆಸಲು ಸರ್ಕಾರ ನಿರ್ಧರಿಸಿದೆ. ಕಾಮಗಾರಿಗಳ ಗುಣಮಟ್ಟದ ಬಗ್ಗೆ ನಿಗಾ ಇರಿಸಲು ವಿಶೇಷ ಸಮಿತಿ ರಚಿಸಲಾಗಿದೆ.

ಒಟ್ಟು 25 ಕೋಟಿ ರೂ ಟೆಂಡರ್: ಇನ್ನು ಮುಂದೆ ಟೆಂಡರ್ ಪ್ರಕ್ರಿಯೆಯನ್ನು ಪಾರದರ್ಶಕವಾಗಿ ನಡೆಸಲು ಸರ್ಕಾರ ನಿರ್ಧರಿಸಿದೆ. ಕಾಮಗಾರಿಗಳ ಗುಣಮಟ್ಟದ ಬಗ್ಗೆ ನಿಗಾ ಇರಿಸಲು ವಿಶೇಷ ಸಮಿತಿ ರಚಿಸಲಾಗಿದೆ.

ಒಟ್ಟು 25 ಕೋಟಿ ರೂ ಟೆಂಡರ್: ಇನ್ನು ಮುಂದೆ ಟೆಂಡರ್ ಪ್ರಕ್ರಿಯೆಯನ್ನು ಪಾರದರ್ಶಕವಾಗಿ ನಡೆಸಲು ಸರ್ಕಾರ ನಿರ್ಧರಿಸಿದೆ. ಕಾಮಗಾರಿಗಳ ಗುಣಮಟ್ಟದ ಬಗ್ಗೆ ನಿಗಾ ಇರಿಸಲು ವಿಶೇಷ ಸಮಿತಿ ರಚಿಸಲಾಗಿದೆ.

ಅಗ್ನಿಆಹುತಿ

ನಗರದ ಕೈಗಾರಿಕಾ ಪ್ರದೇಶದಲ್ಲಿ ಭಾರಿ ಅಗ್ನಿ ಅವಘಡ ಸಂಭವಿಸಿದ್ದು ಲಕ್ಷಾಂತರ ರೂ. ಮೌಲ್ಯದ ವಸ್ತುಗಳು ಸುಟ್ಟು ಭಸ್ಮವಾಗಿವೆ. ಅಗ್ನಿಶಾಮಕ ದಳದ ಸಿಬ್ಬಂದಿ ಬೆಂಕಿ ನಂದಿಸಿದರು.

ನಗರದ ಕೈಗಾರಿಕಾ ಪ್ರದೇಶದಲ್ಲಿ ಭಾರಿ ಅಗ್ನಿ ಅವಘಡ ಸಂಭವಿಸಿದ್ದು ಲಕ್ಷಾಂತರ ರೂ. ಮೌಲ್ಯದ ವಸ್ತುಗಳು ಸುಟ್ಟು ಭಸ್ಮವಾಗಿವೆ. ಅಗ್ನಿಶಾಮಕ ದಳದ ಸಿಬ್ಬಂದಿ ಬೆಂಕಿ ನಂದಿಸಿದರು.

ನಗರದ ಕೈಗಾರಿಕಾ ಪ್ರದೇಶದಲ್ಲಿ ಭಾರಿ ಅಗ್ನಿ ಅವಘಡ ಸಂಭವಿಸಿದ್ದು ಲಕ್ಷಾಂತರ ರೂ. ಮೌಲ್ಯದ ವಸ್ತುಗಳು ಸುಟ್ಟು ಭಸ್ಮವಾಗಿವೆ. ಅಗ್ನಿಶಾಮಕ ದಳದ ಸಿಬ್ಬಂದಿ ಬೆಂಕಿ ನಂದಿಸಿದರು.

ನಗರದ ಕೈಗಾರಿಕಾ ಪ್ರದೇಶದಲ್ಲಿ ಭಾರಿ ಅಗ್ನಿ ಅವಘಡ ಸಂಭವಿಸಿದ್ದು ಲಕ್ಷಾಂತರ ರೂ. ಮೌಲ್ಯದ ವಸ್ತುಗಳು ಸುಟ್ಟು ಭಸ್ಮವಾಗಿವೆ. ಅಗ್ನಿಶಾಮಕ ದಳದ ಸಿಬ್ಬಂದಿ ಬೆಂಕಿ ನಂದಿಸಿದರು.

ಅತ್ಯಾಚಾರ

ಬಾಲಕಿಯ ಮೇಲೆ ಅತ್ಯಾಚಾರ ಎಸಗಿದ ಆರೋಪಿಯನ್ನು ಪೊಲೀಸರು ಬಂಧಿಸಿದ್ದಾರೆ. ಪೋಕ್ಸೋ ಕಾಯ್ದೆಯಡಿ ಪ್ರಕರಣ ದಾಖಲಿಸಿಕೊಂಡು ತನಿಖೆ ನಡೆಸಲಾಗುತ್ತಿದೆ.

ಬಾಲಕಿಯ ಮೇಲೆ ಅತ್ಯಾಚಾರ ಎಸಗಿದ ಆರೋಪಿಯನ್ನು ಪೊಲೀಸರು ಬಂಧಿಸಿದ್ದಾರೆ. ಪೋಕ್ಸೋ ಕಾಯ್ದೆಯಡಿ ಪ್ರಕರಣ ದಾಖಲಿಸಿಕೊಂಡು ತನಿಖೆ ನಡೆಸಲಾಗುತ್ತಿದೆ.

ಬಾಲಕಿಯ ಮೇಲೆ ಅತ್ಯಾಚಾರ ಎಸಗಿದ ಆರೋಪಿಯನ್ನು ಪೊಲೀಸರು ಬಂಧಿಸಿದ್ದಾರೆ. ಪೋಕ್ಸೋ ಕಾಯ್ದೆಯಡಿ ಪ್ರಕರಣ ದಾಖಲಿಸಿಕೊಂಡು ತನಿಖೆ ನಡೆಸಲಾಗುತ್ತಿದೆ.

ಬಾಲಕಿಯ ಮೇಲೆ ಅತ್ಯಾಚಾರ ಎಸಗಿದ ಆರೋಪಿಯನ್ನು ಪೊಲೀಸರು ಬಂಧಿಸಿದ್ದಾರೆ. ಪೋಕ್ಸೋ ಕಾಯ್ದೆಯಡಿ ಪ್ರಕರಣ ದಾಖಲಿಸಿಕೊಂಡು ತನಿಖೆ ನಡೆಸಲಾಗುತ್ತಿದೆ.

ಬಾಲಕಿಯ ಮೇಲೆ ಅತ್ಯಾಚಾರ ಎಸಗಿದ ಆರೋಪಿಯನ್ನು ಪೊಲೀಸರು ಬಂಧಿಸಿದ್ದಾರೆ. ಪೋಕ್ಸೋ ಕಾಯ್ದೆಯಡಿ ಪ್ರಕರಣ ದಾಖಲಿಸಿಕೊಂಡು ತನಿಖೆ ನಡೆಸಲಾಗುತ್ತಿದೆ.

ಜಾತಿಗಣತಿ ಮರು ಸಮೀಕ್ಷೆ:
ಕನ್ನಡಿಗರ ಪ್ರಶ್ನೆಗಳನ್ನು ಸಿಎಂ
ಮುಂದಿಟ್ಟ ಆರ್.ಅಶೋಕ್

ಬೆಂಗಳೂರು: ಜಾತಿಗಣತಿ ಮರು ಸಮೀಕ್ಷೆ ನಡೆಸುವ ರಾಜ್ಯ ಸರ್ಕಾರದ ನಿರ್ಧಾರದ ಬಗ್ಗೆ ವಿಪಕ್ಷ ನಾಯಕ ಆರ್.ಅಶೋಕ್ ಪ್ರಶ್ನೆಗಳ ಸರಣಿಯನ್ನು ಮುಂದಿಟ್ಟಿದ್ದಾರೆ. ಹಿಂದಿನ ವರದಿಗೆ ಖರ್ಚು ಮಾಡಿದ ಹಣದ ಲೆಕ್ಕ ಕೊಡಿ ಎಂದು ಒತ್ತಾಯಿಸಿದ್ದಾರೆ.

ಪ್ರಶ್ನೆ 1: ಕಾಂತರಾಜ್ ವರದಿಗೆ ಖರ್ಚು ಮಾಡಿದ 165 ಕೋಟಿ ರೂ. ವ್ಯರ್ಥವೇ? ಪ್ರಶ್ನೆ 2: ಮರು ಸಮೀಕ್ಷೆಗೆ ಎಷ್ಟು ಸಮಯ ಬೇಕು? ಪ್ರಶ್ನೆ 3: ಸಮೀಕ್ಷೆ ನಡೆಸುವವರು ಯಾರು? ಪ್ರಶ್ನೆ 4: ಹೊಸ ವರದಿ ಯಾವಾಗ ಬಹಿರಂಗವಾಗಲಿದೆ? ಎಂದು ಅವರು ಪ್ರಶ್ನಿಸಿದ್ದಾರೆ. ಜನರ ತೆರಿಗೆ ಹಣ ಪೋಲು ಮಾಡಲಾಗುತ್ತಿದೆ ಎಂದು ಆರೋಪಿಸಿದರು.

ಬೆಂಗಳೂರು: ಜಾತಿಗಣತಿ ಮರು ಸಮೀಕ್ಷೆ ನಡೆಸುವ ರಾಜ್ಯ ಸರ್ಕಾರದ ನಿರ್ಧಾರದ ಬಗ್ಗೆ ವಿಪಕ್ಷ ನಾಯಕ ಆರ್.ಅಶೋಕ್ ಪ್ರಶ್ನೆಗಳ ಸರಣಿಯನ್ನು ಮುಂದಿಟ್ಟಿದ್ದಾರೆ. ಹಿಂದಿನ ವರದಿಗೆ ಖರ್ಚು ಮಾಡಿದ ಹಣದ ಲೆಕ್ಕ ಕೊಡಿ ಎಂದು ಒತ್ತಾಯಿಸಿದ್ದಾರೆ.

ಪ್ರಶ್ನೆ 1: ಕಾಂತರಾಜ್ ವರದಿಗೆ ಖರ್ಚು ಮಾಡಿದ 165 ಕೋಟಿ ರೂ. ವ್ಯರ್ಥವೇ? ಪ್ರಶ್ನೆ 2: ಮರು ಸಮೀಕ್ಷೆಗೆ ಎಷ್ಟು ಸಮಯ ಬೇಕು? ಪ್ರಶ್ನೆ 3: ಸಮೀಕ್ಷೆ ನಡೆಸುವವರು ಯಾರು? ಪ್ರಶ್ನೆ 4: ಹೊಸ ವರದಿ ಯಾವಾಗ ಬಹಿರಂಗವಾಗಲಿದೆ? ಎಂದು ಅವರು ಪ್ರಶ್ನಿಸಿದ್ದಾರೆ. ಜನರ ತೆರಿಗೆ ಹಣ ಪೋಲು ಮಾಡಲಾಗುತ್ತಿದೆ ಎಂದು ಆರೋಪಿಸಿದರು.

ಪ್ರಶ್ನೆ 1: ಕಾಂತರಾಜ್ ವರದಿಗೆ ಖರ್ಚು ಮಾಡಿದ 165 ಕೋಟಿ ರೂ. ವ್ಯರ್ಥವೇ? ಪ್ರಶ್ನೆ 2: ಮರು ಸಮೀಕ್ಷೆಗೆ ಎಷ್ಟು ಸಮಯ ಬೇಕು? ಪ್ರಶ್ನೆ 3: ಸಮೀಕ್ಷೆ ನಡೆಸುವವರು ಯಾರು? ಪ್ರಶ್ನೆ 4: ಹೊಸ ವರದಿ ಯಾವಾಗ ಬಹಿರಂಗವಾಗಲಿದೆ? ಎಂದು ಅವರು ಪ್ರಶ್ನಿಸಿದ್ದಾರೆ. ಜನರ ತೆರಿಗೆ ಹಣ ಪೋಲು ಮಾಡಲಾಗುತ್ತಿದೆ ಎಂದು ಆರೋಪಿಸಿದರು.

ಬೆಂಗಳೂರು: ಜಾತಿಗಣತಿ ಮರು ಸಮೀಕ್ಷೆ ನಡೆಸುವ ರಾಜ್ಯ ಸರ್ಕಾರದ ನಿರ್ಧಾರದ ಬಗ್ಗೆ ವಿಪಕ್ಷ ನಾಯಕ ಆರ್.ಅಶೋಕ್ ಪ್ರಶ್ನೆಗಳ ಸರಣಿಯನ್ನು ಮುಂದಿಟ್ಟಿದ್ದಾರೆ. ಹಿಂದಿನ ವರದಿಗೆ ಖರ್ಚು ಮಾಡಿದ ಹಣದ ಲೆಕ್ಕ ಕೊಡಿ ಎಂದು ಒತ್ತಾಯಿಸಿದ್ದಾರೆ.

ಪ್ರಶ್ನೆ 1: ಕಾಂತರಾಜ್ ವರದಿಗೆ ಖರ್ಚು ಮಾಡಿದ 165 ಕೋಟಿ ರೂ. ವ್ಯರ್ಥವೇ? ಪ್ರಶ್ನೆ 2: ಮರು ಸಮೀಕ್ಷೆಗೆ ಎಷ್ಟು ಸಮಯ ಬೇಕು? ಪ್ರಶ್ನೆ 3: ಸಮೀಕ್ಷೆ ನಡೆಸುವವರು ಯಾರು? ಪ್ರಶ್ನೆ 4: ಹೊಸ ವರದಿ ಯಾವಾಗ ಬಹಿರಂಗವಾಗಲಿದೆ? ಎಂದು ಅವರು ಪ್ರಶ್ನಿಸಿದ್ದಾರೆ. ಜನರ ತೆರಿಗೆ ಹಣ ಪೋಲು ಮಾಡಲಾಗುತ್ತಿದೆ ಎಂದು ಆರೋಪಿಸಿದರು.

ಬೆಂಗಳೂರು: ಜಾತಿಗಣತಿ ಮರು ಸಮೀಕ್ಷೆ ನಡೆಸುವ ರಾಜ್ಯ ಸರ್ಕಾರದ ನಿರ್ಧಾರದ ಬಗ್ಗೆ ವಿಪಕ್ಷ ನಾಯಕ ಆರ್.ಅಶೋಕ್ ಪ್ರಶ್ನೆಗಳ ಸರಣಿಯನ್ನು ಮುಂದಿಟ್ಟಿದ್ದಾರೆ. ಹಿಂದಿನ ವರದಿಗೆ ಖರ್ಚು ಮಾಡಿದ ಹಣದ ಲೆಕ್ಕ ಕೊಡಿ ಎಂದು ಒತ್ತಾಯಿಸಿದ್ದಾರೆ.
